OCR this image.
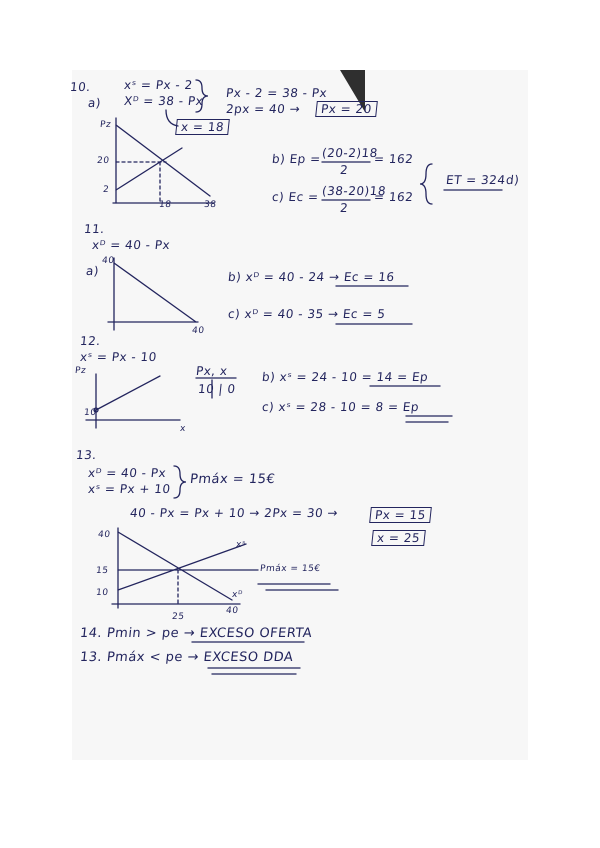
10.	xˢ = Px - 2
a) Xᴰ = 38 - Px
Px - 2 = 38 - Px
2px = 40 →	Px = 20
x = 18
Pz
20
2
18	38
b) Ep = (20-2)18
2
= 162
c) Ec = (38-20)18
2
= 162
ET = 324 d)
11.
xᴰ = 40 - Px
a)
40
40
b) xᴰ = 40 - 24 → Ec = 16
c) xᴰ = 40 - 35 → Ec = 5
12.
xˢ = Px - 10
Pz
x
10
Px, x
10 | 0
b) xˢ = 24 - 10 = 14 = Ep
c) xˢ = 28 - 10 = 8 = Ep
13.
xᴰ = 40 - Px
xˢ = Px + 10
Pmáx = 15€
40 - Px = Px + 10 → 2Px = 30 →	Px = 15
x = 25
40
15
10
25
40
xˢ
xᴰ
Pmáx = 15€
14. Pmin > pe → EXCESO OFERTA
13. Pmáx < pe → EXCESO DDA
